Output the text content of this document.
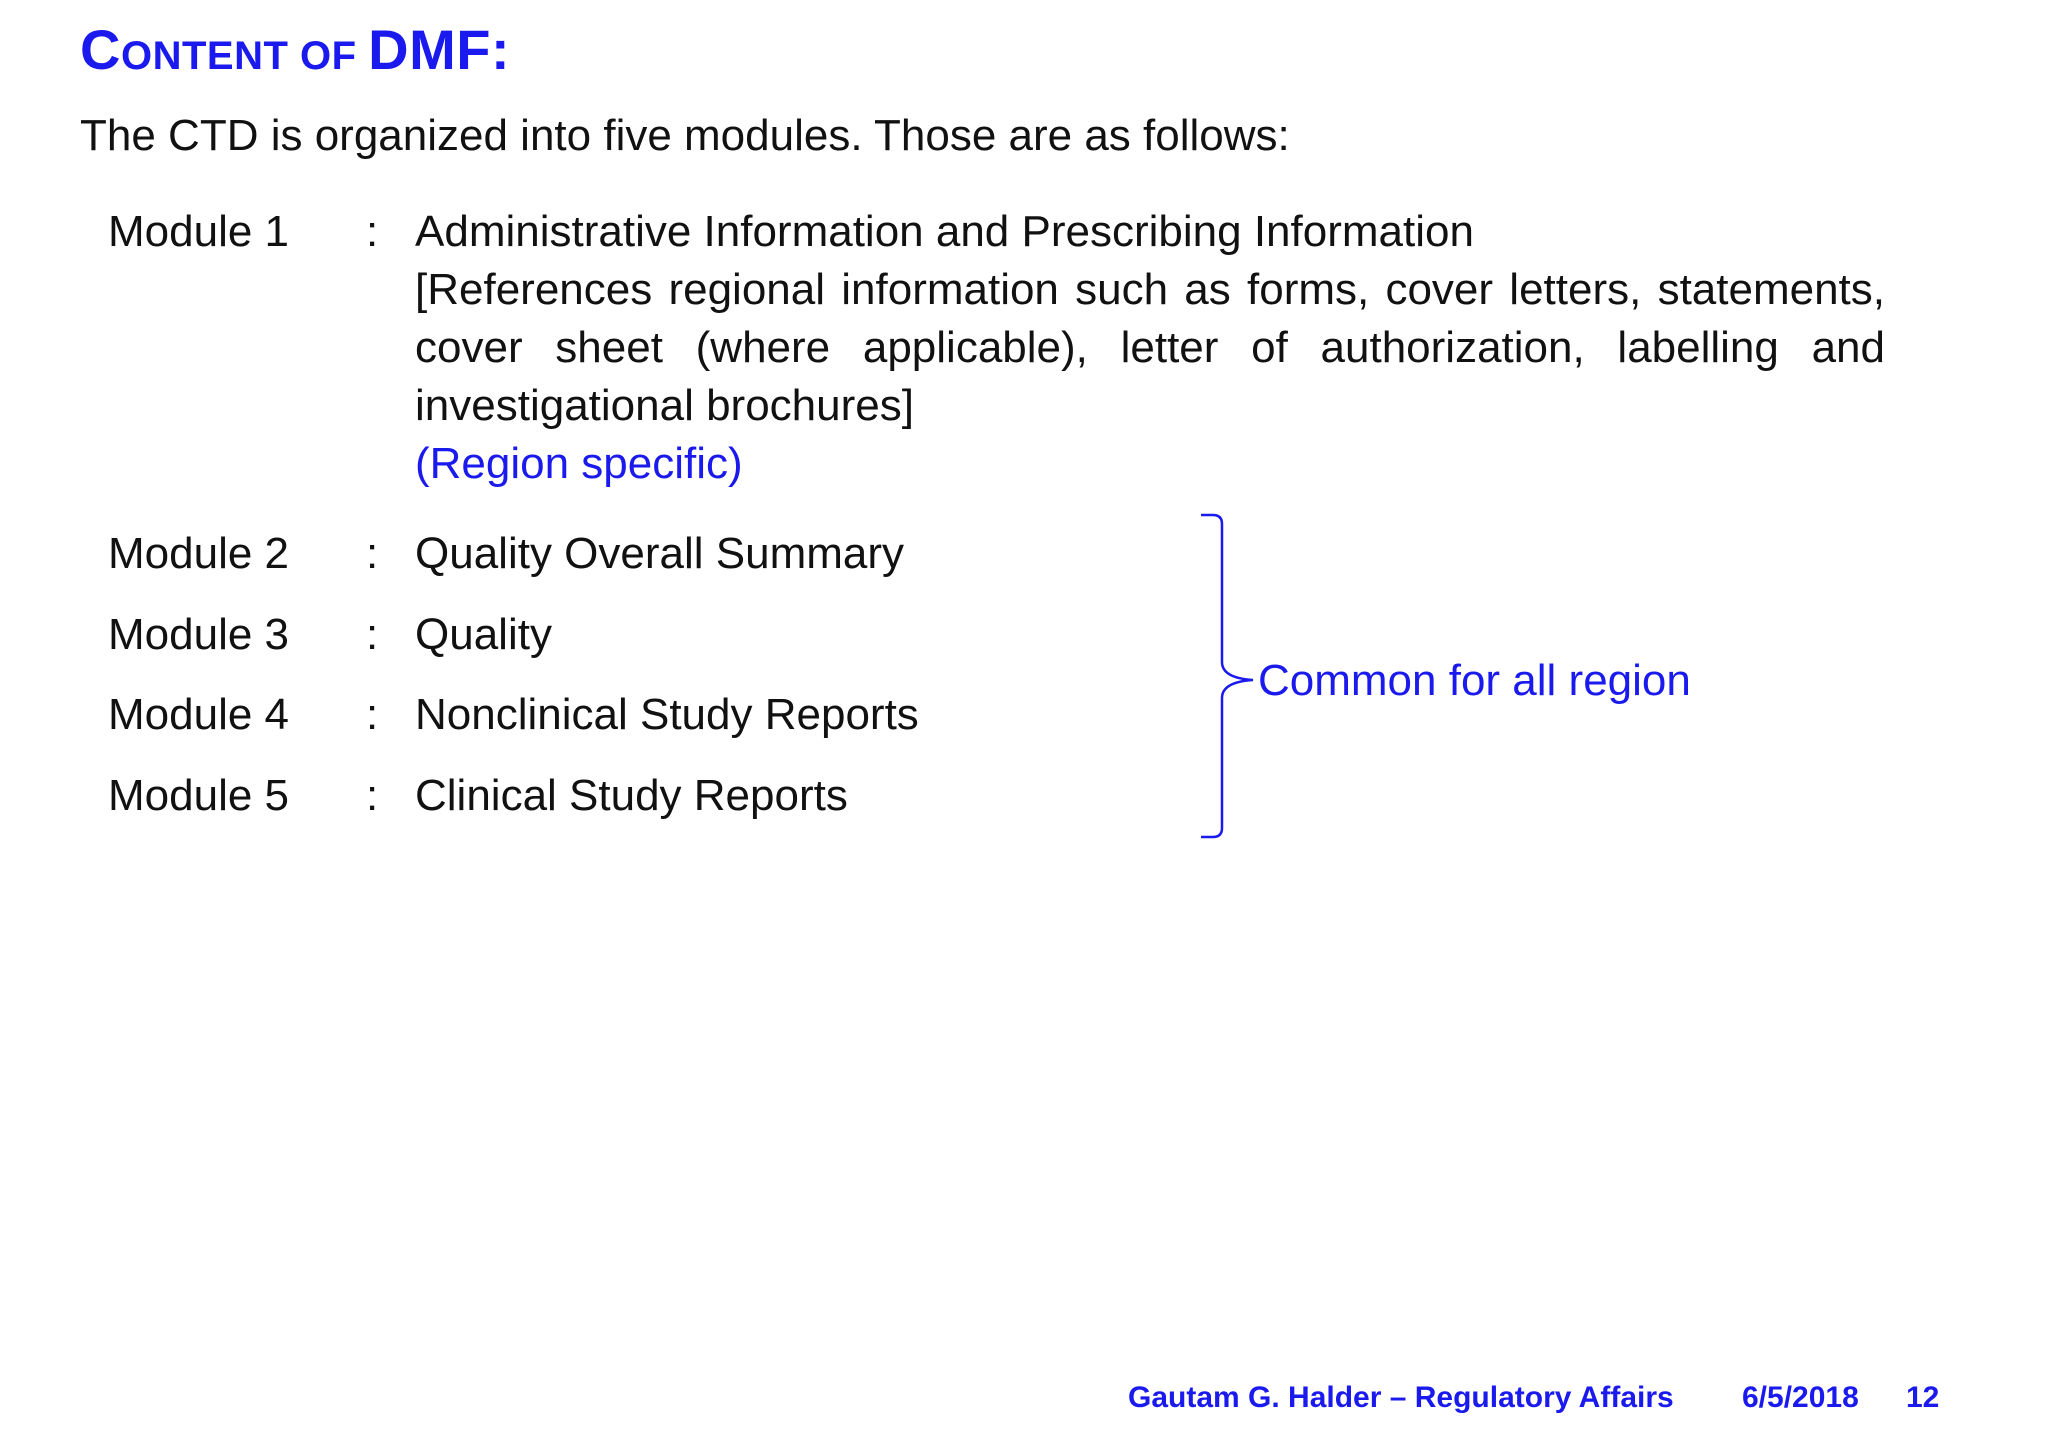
CONTENT OF DMF:
The CTD is organized into five modules. Those are as follows:
Module 1 : Administrative Information and Prescribing Information
[References regional information such as forms, cover letters, statements, cover sheet (where applicable), letter of authorization, labelling and investigational brochures]
(Region specific)
Module 2 : Quality Overall Summary
Module 3 : Quality
Module 4 : Nonclinical Study Reports
Module 5 : Clinical Study Reports
Common for all region
Gautam G. Halder – Regulatory Affairs 6/5/2018 12
